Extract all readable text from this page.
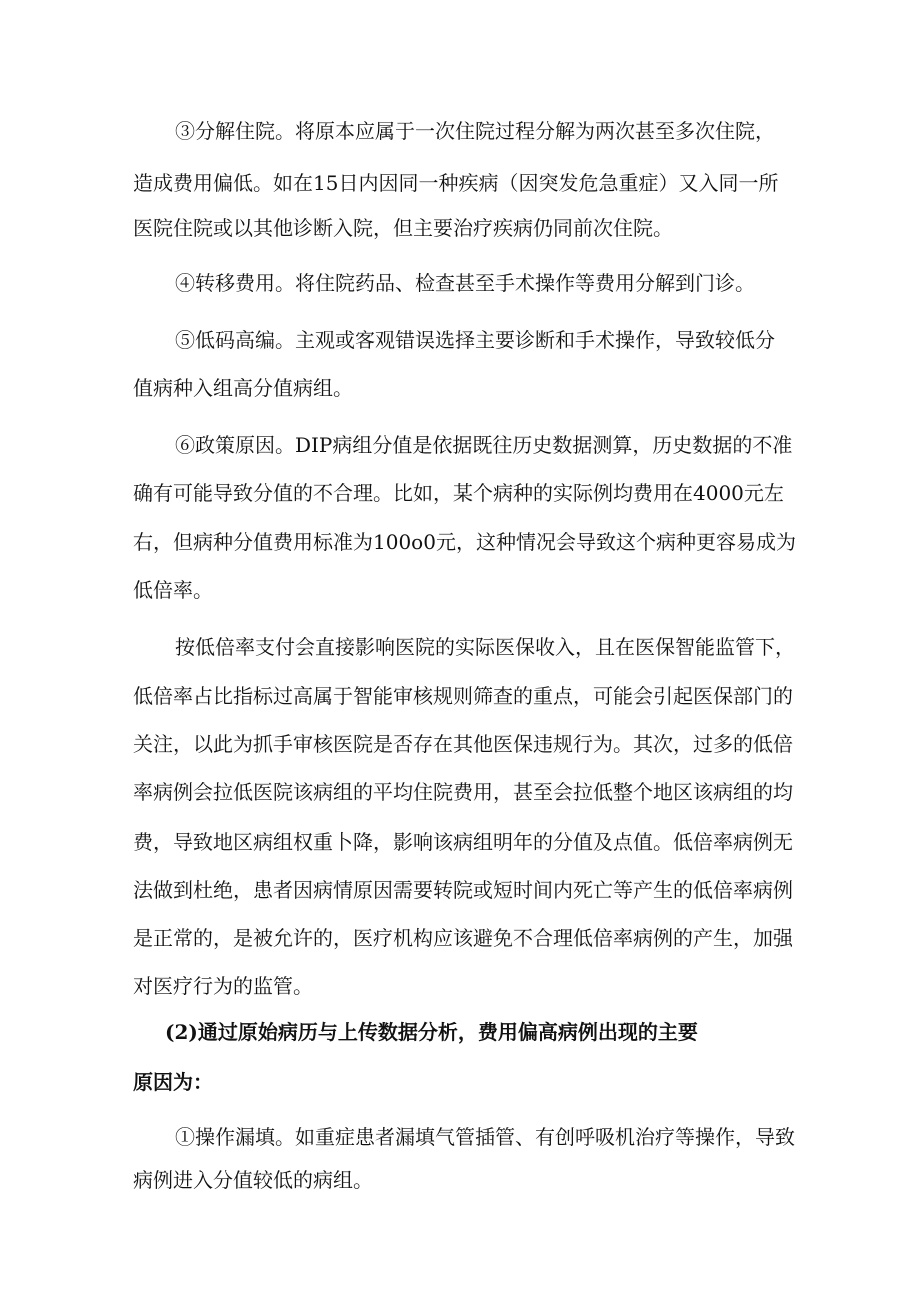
③分解住院。将原本应属于一次住院过程分解为两次甚至多次住院，
造成费用偏低。如在15日内因同一种疾病（因突发危急重症）又入同一所
医院住院或以其他诊断入院，但主要治疗疾病仍同前次住院。
④转移费用。将住院药品、检查甚至手术操作等费用分解到门诊。
⑤低码高编。主观或客观错误选择主要诊断和手术操作，导致较低分
值病种入组高分值病组。
⑥政策原因。DIP病组分值是依据既往历史数据测算，历史数据的不准
确有可能导致分值的不合理。比如，某个病种的实际例均费用在4000元左
右，但病种分值费用标准为100o0元，这种情况会导致这个病种更容易成为
低倍率。
按低倍率支付会直接影响医院的实际医保收入，且在医保智能监管下，
低倍率占比指标过高属于智能审核规则筛查的重点，可能会引起医保部门的
关注，以此为抓手审核医院是否存在其他医保违规行为。其次，过多的低倍
率病例会拉低医院该病组的平均住院费用，甚至会拉低整个地区该病组的均
费，导致地区病组权重卜降，影响该病组明年的分值及点值。低倍率病例无
法做到杜绝，患者因病情原因需要转院或短时间内死亡等产生的低倍率病例
是正常的，是被允许的，医疗机构应该避免不合理低倍率病例的产生，加强
对医疗行为的监管。
(2)通过原始病历与上传数据分析，费用偏高病例出现的主要
原因为：
①操作漏填。如重症患者漏填气管插管、有创呼吸机治疗等操作，导致
病例进入分值较低的病组。
